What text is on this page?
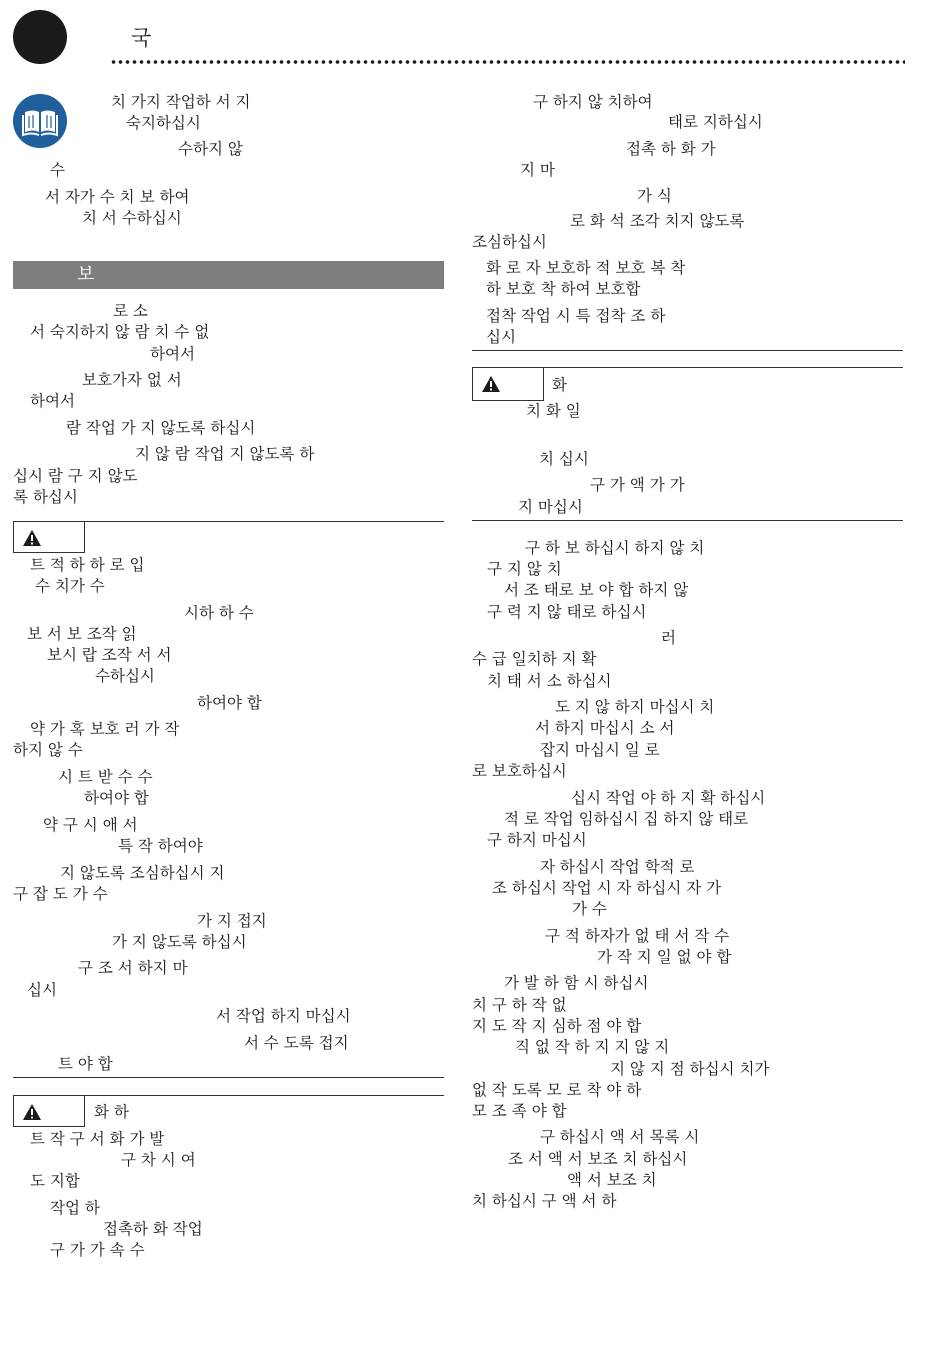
국
치 가지 작업하 서 지
숙지하십시
수하지 않
수
서 자가 수 치 보 하여
치 서 수하십시
보
로 소
서 숙지하지 않 람 치 수 없
하여서
보호가자 없 서
하여서
람 작업 가 지 않도록 하십시
지 않 람 작업 지 않도록 하
십시 람 구 지 않도
록 하십시
트 적 하 하 로 입
수 치가 수
시하 하 수
보 서 보 조작 읽
보시 랍 조작 서 서
수하십시
하여야 합
약 가 혹 보호 러 가 작
하지 않 수
시 트 받 수 수
하여야 합
약 구 시 애 서
특 작 하여야
지 않도록 조심하십시 지
구 잡 도 가 수
가 지 접지
가 지 않도록 하십시
구 조 서 하지 마
십시
서 작업 하지 마십시
서 수 도록 접지
트 야 합
화 하
트 작 구 서 화 가 발
구 차 시 여
도 지합
작업 하
접촉하 화 작업
구 가 가 속 수
구 하지 않 치하여
태로 지하십시
접촉 하 화 가
지 마
가 식
로 화 석 조각 치지 않도록
조심하십시
화 로 자 보호하 적 보호 복 착
하 보호 착 하여 보호합
접착 작업 시 특 접착 조 하
십시
화
치 화 일
치 십시
구 가 액 가 가
지 마십시
구 하 보 하십시 하지 않 치
구 지 않 치
서 조 태로 보 야 합 하지 않
구 력 지 않 태로 하십시
러
수 급 일치하 지 확
치 태 서 소 하십시
도 지 않 하지 마십시 치
서 하지 마십시 소 서
잡지 마십시 일 로
로 보호하십시
십시 작업 야 하 지 확 하십시
적 로 작업 임하십시 집 하지 않 태로
구 하지 마십시
자 하십시 작업 학적 로
조 하십시 작업 시 자 하십시 자 가
가 수
구 적 하자가 없 태 서 작 수
가 작 지 일 없 야 합
가 발 하 함 시 하십시
치 구 하 작 없
지 도 작 지 심하 점 야 합
직 없 작 하 지 지 않 지
지 않 지 점 하십시 치가
없 작 도록 모 로 착 야 하
모 조 족 야 합
구 하십시 액 서 목록 시
조 서 액 서 보조 치 하십시
액 서 보조 치
치 하십시 구 액 서 하
